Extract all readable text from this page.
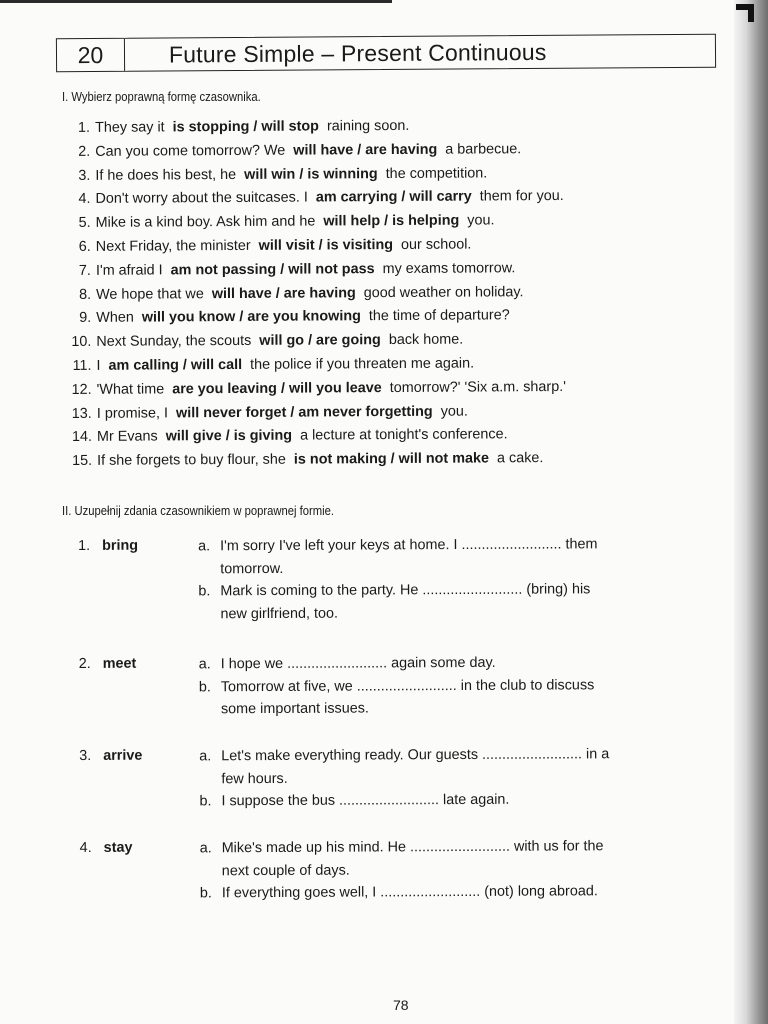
20	Future Simple – Present Continuous
I. Wybierz poprawną formę czasownika.
1. They say it is stopping / will stop raining soon.
2. Can you come tomorrow? We will have / are having a barbecue.
3. If he does his best, he will win / is winning the competition.
4. Don't worry about the suitcases. I am carrying / will carry them for you.
5. Mike is a kind boy. Ask him and he will help / is helping you.
6. Next Friday, the minister will visit / is visiting our school.
7. I'm afraid I am not passing / will not pass my exams tomorrow.
8. We hope that we will have / are having good weather on holiday.
9. When will you know / are you knowing the time of departure?
10. Next Sunday, the scouts will go / are going back home.
11. I am calling / will call the police if you threaten me again.
12. 'What time are you leaving / will you leave tomorrow?' 'Six a.m. sharp.'
13. I promise, I will never forget / am never forgetting you.
14. Mr Evans will give / is giving a lecture at tonight's conference.
15. If she forgets to buy flour, she is not making / will not make a cake.
II. Uzupełnij zdania czasownikiem w poprawnej formie.
1. bring	a. I'm sorry I've left your keys at home. I ......................... them
tomorrow.
b. Mark is coming to the party. He ......................... (bring) his
new girlfriend, too.
2. meet	a. I hope we ......................... again some day.
b. Tomorrow at five, we ......................... in the club to discuss
some important issues.
3. arrive	a. Let's make everything ready. Our guests ......................... in a
few hours.
b. I suppose the bus ......................... late again.
4. stay	a. Mike's made up his mind. He ......................... with us for the
next couple of days.
b. If everything goes well, I ......................... (not) long abroad.
78
